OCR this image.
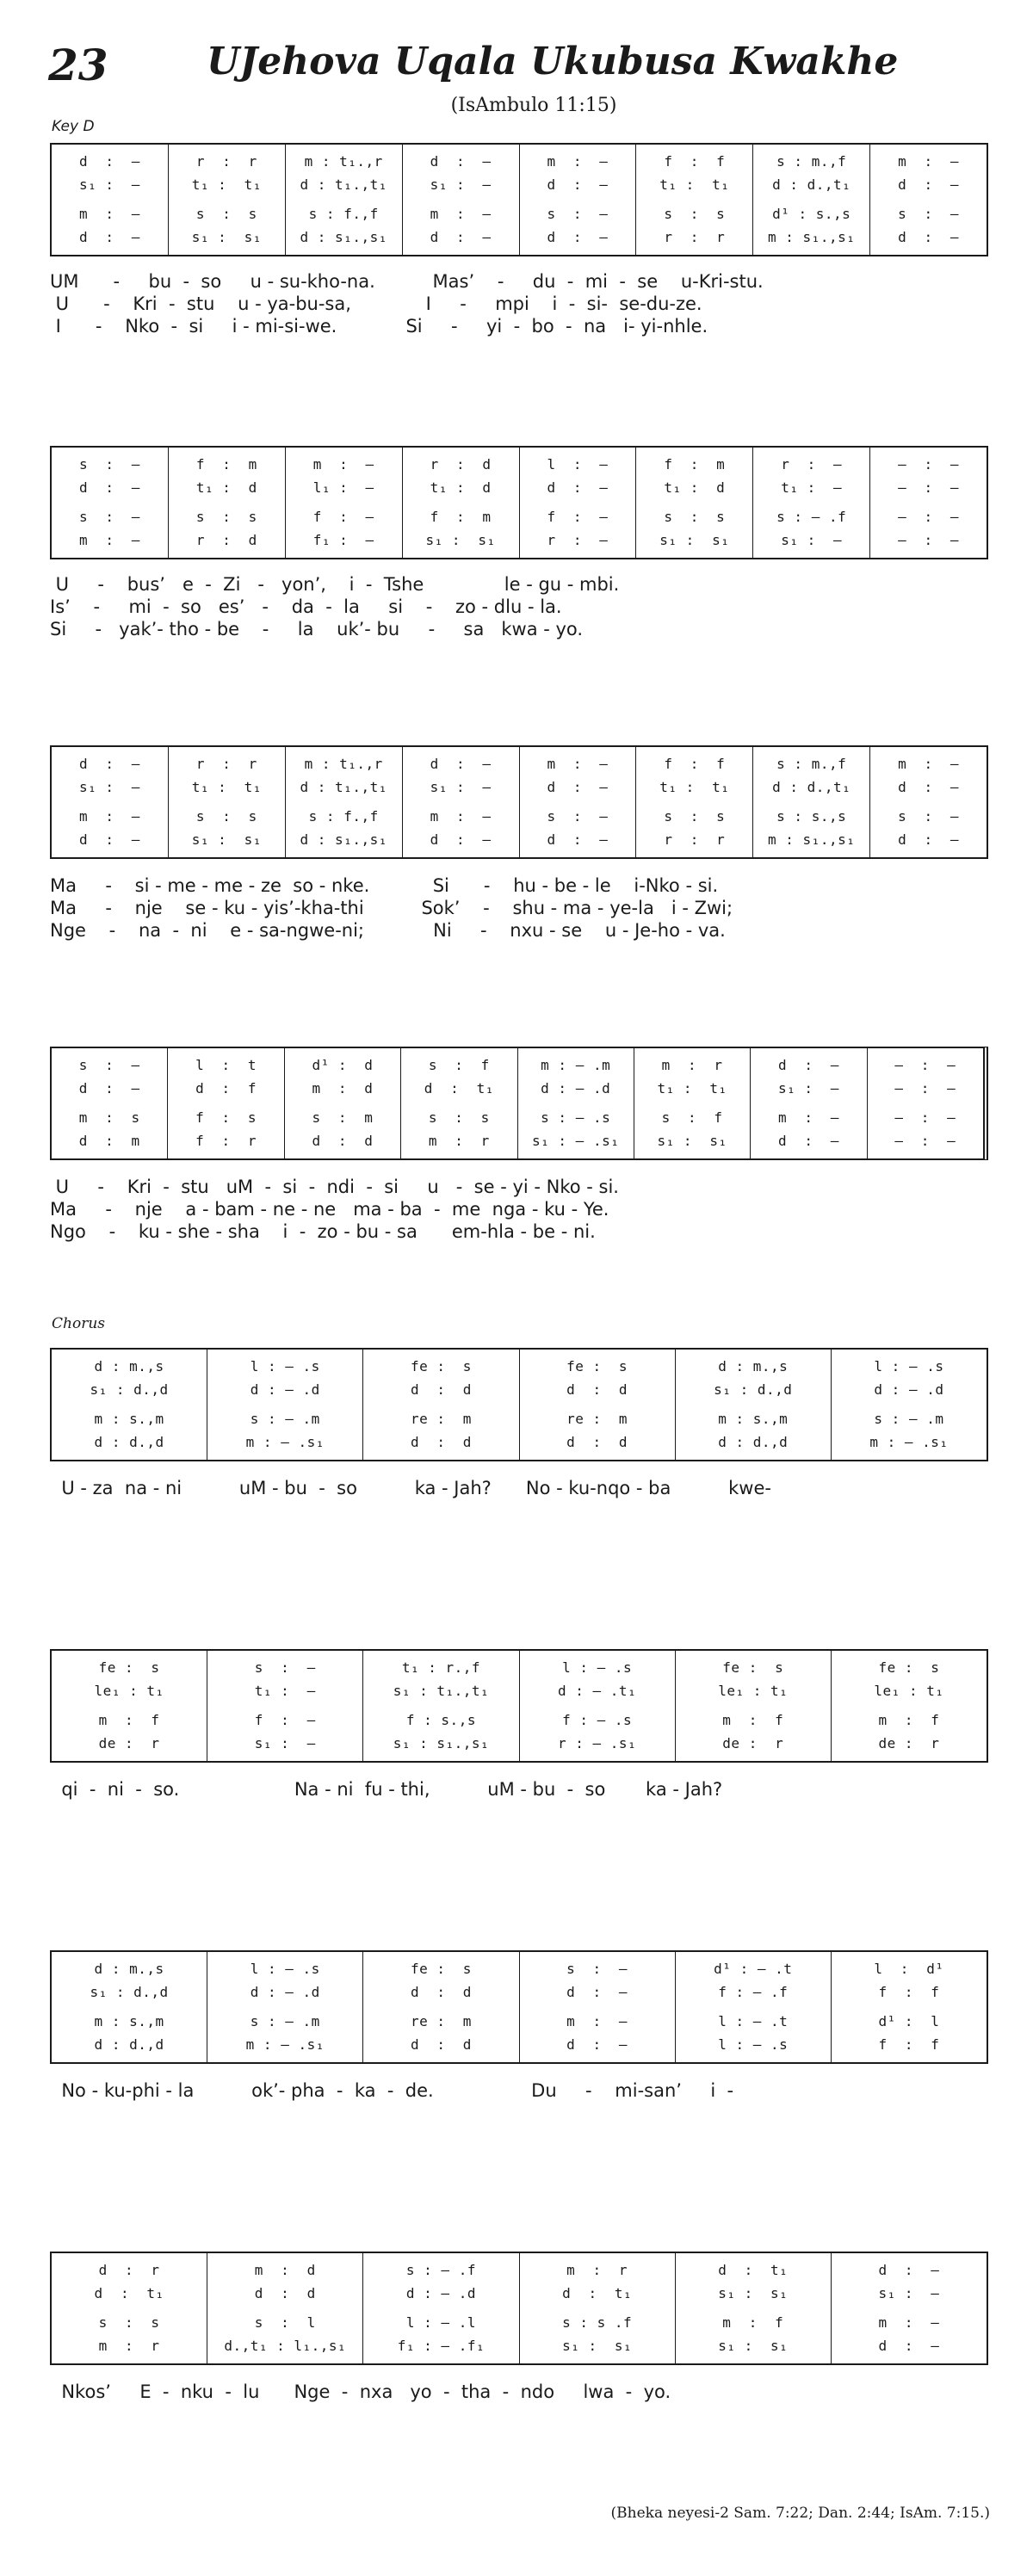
23	UJehova Uqala Ukubusa Kwakhe
(IsAmbulo 11:15)
Key D
Chorus
d  :  —
s₁ :  —
m  :  —
d  :  —
r  :  r
t₁ :  t₁
s  :  s
s₁ :  s₁
m : t₁.,r
d : t₁.,t₁
s : f.,f
d : s₁.,s₁
d  :  —
s₁ :  —
m  :  —
d  :  —
m  :  —
d  :  —
s  :  —
d  :  —
f  :  f
t₁ :  t₁
s  :  s
r  :  r
s : m.,f
d : d.,t₁
d¹ : s.,s
m : s₁.,s₁
m  :  —
d  :  —
s  :  —
d  :  —
UM      -     bu  -  so     u - su-kho-na.          Mas’    -     du  -  mi  -  se    u-Kri-stu.
U      -    Kri  -  stu    u - ya-bu-sa,             I     -     mpi    i  -  si-  se-du-ze.
I      -    Nko  -  si     i - mi-si-we.            Si     -     yi  -  bo  -  na   i- yi-nhle.
s  :  —
d  :  —
s  :  —
m  :  —
f  :  m
t₁ :  d
s  :  s
r  :  d
m  :  —
l₁ :  —
f  :  —
f₁ :  —
r  :  d
t₁ :  d
f  :  m
s₁ :  s₁
l  :  —
d  :  —
f  :  —
r  :  —
f  :  m
t₁ :  d
s  :  s
s₁ :  s₁
r  :  —
t₁ :  —
s : — .f
s₁ :  —
—  :  —
—  :  —
—  :  —
—  :  —
U     -    bus’   e  -  Zi   -   yon’,    i  -  Tshe              le - gu - mbi.
Is’    -     mi  -  so   es’   -    da  -  la     si    -    zo - dlu - la.
Si     -   yak’- tho - be    -     la    uk’- bu     -     sa   kwa - yo.
d  :  —
s₁ :  —
m  :  —
d  :  —
r  :  r
t₁ :  t₁
s  :  s
s₁ :  s₁
m : t₁.,r
d : t₁.,t₁
s : f.,f
d : s₁.,s₁
d  :  —
s₁ :  —
m  :  —
d  :  —
m  :  —
d  :  —
s  :  —
d  :  —
f  :  f
t₁ :  t₁
s  :  s
r  :  r
s : m.,f
d : d.,t₁
s : s.,s
m : s₁.,s₁
m  :  —
d  :  —
s  :  —
d  :  —
Ma     -    si - me - me - ze  so - nke.           Si      -    hu - be - le    i-Nko - si.
Ma     -    nje    se - ku - yis’-kha-thi          Sok’    -    shu - ma - ye-la   i - Zwi;
Nge    -    na  -  ni    e - sa-ngwe-ni;            Ni     -    nxu - se    u - Je-ho - va.
s  :  —
d  :  —
m  :  s
d  :  m
l  :  t
d  :  f
f  :  s
f  :  r
d¹ :  d
m  :  d
s  :  m
d  :  d
s  :  f
d  :  t₁
s  :  s
m  :  r
m : — .m
d : — .d
s : — .s
s₁ : — .s₁
m  :  r
t₁ :  t₁
s  :  f
s₁ :  s₁
d  :  —
s₁ :  —
m  :  —
d  :  —
—  :  —
—  :  —
—  :  —
—  :  —
U     -    Kri  -  stu   uM  -  si  -  ndi  -  si     u   -  se - yi - Nko - si.
Ma     -    nje    a - bam - ne - ne   ma - ba  -  me  nga - ku - Ye.
Ngo    -    ku - she - sha    i  -  zo - bu - sa      em-hla - be - ni.
d : m.,s
s₁ : d.,d
m : s.,m
d : d.,d
l : — .s
d : — .d
s : — .m
m : — .s₁
fe :  s
d  :  d
re :  m
d  :  d
fe :  s
d  :  d
re :  m
d  :  d
d : m.,s
s₁ : d.,d
m : s.,m
d : d.,d
l : — .s
d : — .d
s : — .m
m : — .s₁
U - za  na - ni          uM - bu  -  so          ka - Jah?      No - ku-nqo - ba          kwe-
fe :  s
le₁ : t₁
m  :  f
de :  r
s  :  —
t₁ :  —
f  :  —
s₁ :  —
t₁ : r.,f
s₁ : t₁.,t₁
f : s.,s
s₁ : s₁.,s₁
l : — .s
d : — .t₁
f : — .s
r : — .s₁
fe :  s
le₁ : t₁
m  :  f
de :  r
fe :  s
le₁ : t₁
m  :  f
de :  r
qi  -  ni  -  so.                    Na - ni  fu - thi,          uM - bu  -  so       ka - Jah?
d : m.,s
s₁ : d.,d
m : s.,m
d : d.,d
l : — .s
d : — .d
s : — .m
m : — .s₁
fe :  s
d  :  d
re :  m
d  :  d
s  :  —
d  :  —
m  :  —
d  :  —
d¹ : — .t
f : — .f
l : — .t
l : — .s
l  :  d¹
f  :  f
d¹ :  l
f  :  f
No - ku-phi - la          ok’- pha  -  ka  -  de.                 Du     -    mi-san’     i  -
d  :  r
d  :  t₁
s  :  s
m  :  r
m  :  d
d  :  d
s  :  l
d.,t₁ : l₁.,s₁
s : — .f
d : — .d
l : — .l
f₁ : — .f₁
m  :  r
d  :  t₁
s : s .f
s₁ :  s₁
d  :  t₁
s₁ :  s₁
m  :  f
s₁ :  s₁
d  :  —
s₁ :  —
m  :  —
d  :  —
Nkos’     E  -  nku  -  lu      Nge  -  nxa   yo  -  tha  -  ndo     lwa  -  yo.
(Bheka neyesi-2 Sam. 7:22; Dan. 2:44; IsAm. 7:15.)
